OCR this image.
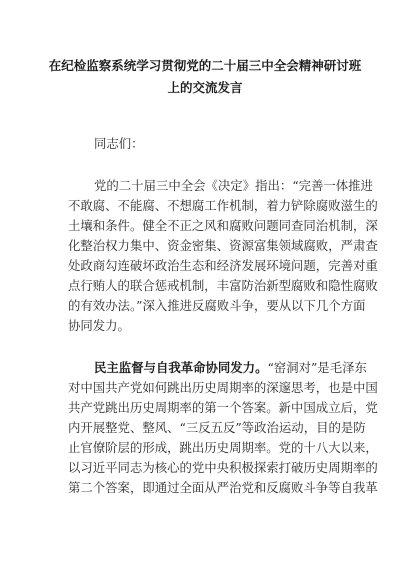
在纪检监察系统学习贯彻党的二十届三中全会精神研讨班
上的交流发言
同志们：
党的二十届三中全会《决定》指出：“完善一体推进
不敢腐、不能腐、不想腐工作机制，着力铲除腐败滋生的
土壤和条件。健全不正之风和腐败问题同查同治机制，深
化整治权力集中、资金密集、资源富集领域腐败，严肃查
处政商勾连破坏政治生态和经济发展环境问题，完善对重
点行贿人的联合惩戒机制，丰富防治新型腐败和隐性腐败
的有效办法。”深入推进反腐败斗争，要从以下几个方面
协同发力。
民主监督与自我革命协同发力。“窑洞对”是毛泽东
对中国共产党如何跳出历史周期率的深邃思考，也是中国
共产党跳出历史周期率的第一个答案。新中国成立后，党
内开展整党、整风、“三反五反”等政治运动，目的是防
止官僚阶层的形成，跳出历史周期率。党的十八大以来，
以习近平同志为核心的党中央积极探索打破历史周期率的
第二个答案，即通过全面从严治党和反腐败斗争等自我革
